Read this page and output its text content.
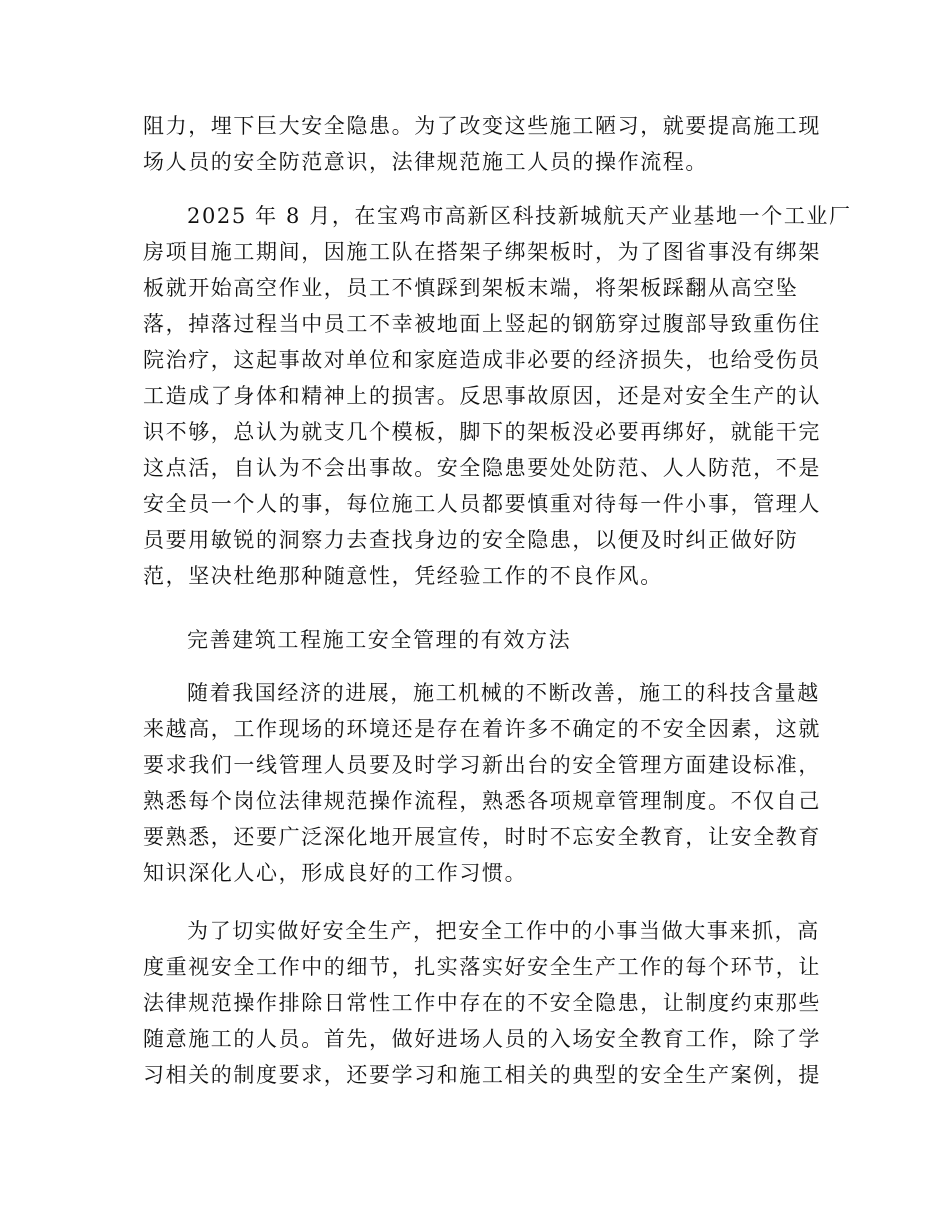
阻力，埋下巨大安全隐患。为了改变这些施工陋习，就要提高施工现
场人员的安全防范意识，法律规范施工人员的操作流程。
2025 年 8 月，在宝鸡市高新区科技新城航天产业基地一个工业厂
房项目施工期间，因施工队在搭架子绑架板时，为了图省事没有绑架
板就开始高空作业，员工不慎踩到架板末端，将架板踩翻从高空坠
落，掉落过程当中员工不幸被地面上竖起的钢筋穿过腹部导致重伤住
院治疗，这起事故对单位和家庭造成非必要的经济损失，也给受伤员
工造成了身体和精神上的损害。反思事故原因，还是对安全生产的认
识不够，总认为就支几个模板，脚下的架板没必要再绑好，就能干完
这点活，自认为不会出事故。安全隐患要处处防范、人人防范，不是
安全员一个人的事，每位施工人员都要慎重对待每一件小事，管理人
员要用敏锐的洞察力去查找身边的安全隐患，以便及时纠正做好防
范，坚决杜绝那种随意性，凭经验工作的不良作风。
完善建筑工程施工安全管理的有效方法
随着我国经济的进展，施工机械的不断改善，施工的科技含量越
来越高，工作现场的环境还是存在着许多不确定的不安全因素，这就
要求我们一线管理人员要及时学习新出台的安全管理方面建设标准，
熟悉每个岗位法律规范操作流程，熟悉各项规章管理制度。不仅自己
要熟悉，还要广泛深化地开展宣传，时时不忘安全教育，让安全教育
知识深化人心，形成良好的工作习惯。
为了切实做好安全生产，把安全工作中的小事当做大事来抓，高
度重视安全工作中的细节，扎实落实好安全生产工作的每个环节，让
法律规范操作排除日常性工作中存在的不安全隐患，让制度约束那些
随意施工的人员。首先，做好进场人员的入场安全教育工作，除了学
习相关的制度要求，还要学习和施工相关的典型的安全生产案例，提
